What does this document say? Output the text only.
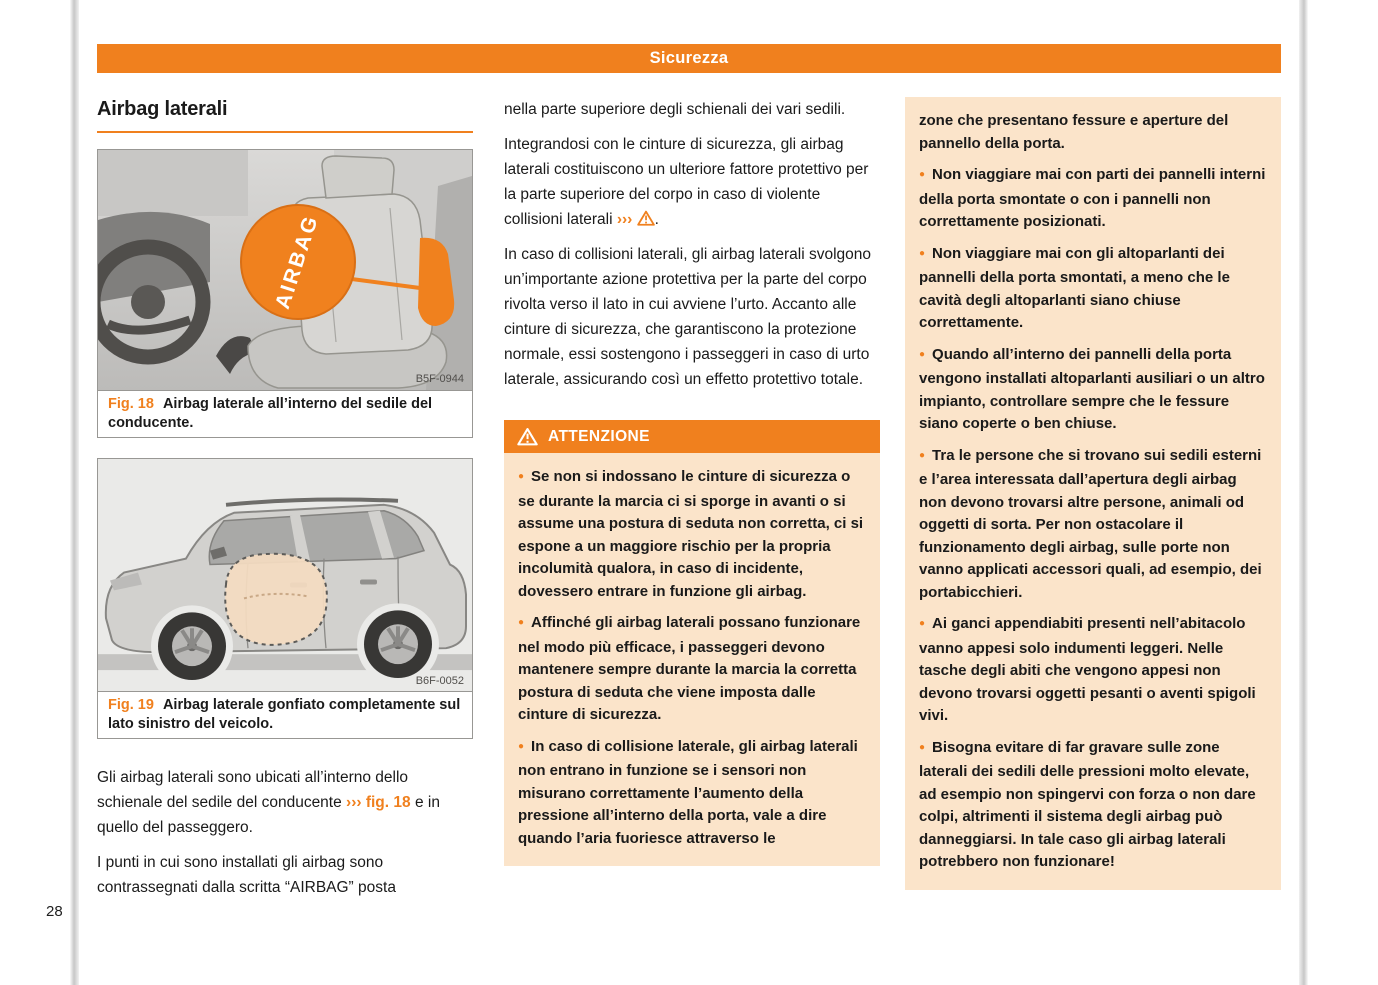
Sicurezza
Airbag laterali
AIRBAG
B5F-0944
Fig. 18 Airbag laterale all’interno del sedile del conducente.
B6F-0052
Fig. 19 Airbag laterale gonfiato completamente sul lato sinistro del veicolo.

Gli airbag laterali sono ubicati all’interno dello schienale del sedile del conducente ››› fig. 18 e in quello del passeggero.

I punti in cui sono installati gli airbag sono contrassegnati dalla scritta “AIRBAG” posta

nella parte superiore degli schienali dei vari sedili.

Integrandosi con le cinture di sicurezza, gli airbag laterali costituiscono un ulteriore fattore protettivo per la parte superiore del corpo in caso di violente collisioni laterali ››› .

In caso di collisioni laterali, gli airbag laterali svolgono un’importante azione protettiva per la parte del corpo rivolta verso il lato in cui avviene l’urto. Accanto alle cinture di sicurezza, che garantiscono la protezione normale, essi sostengono i passeggeri in caso di urto laterale, assicurando così un effetto protettivo totale.

ATTENZIONE

● Se non si indossano le cinture di sicurezza o se durante la marcia ci si sporge in avanti o si assume una postura di seduta non corretta, ci si espone a un maggiore rischio per la propria incolumità qualora, in caso di incidente, dovessero entrare in funzione gli airbag.

● Affinché gli airbag laterali possano funzionare nel modo più efficace, i passeggeri devono mantenere sempre durante la marcia la corretta postura di seduta che viene imposta dalle cinture di sicurezza.

● In caso di collisione laterale, gli airbag laterali non entrano in funzione se i sensori non misurano correttamente l’aumento della pressione all’interno della porta, vale a dire quando l’aria fuoriesce attraverso le

zone che presentano fessure e aperture del pannello della porta.

● Non viaggiare mai con parti dei pannelli interni della porta smontate o con i pannelli non correttamente posizionati.

● Non viaggiare mai con gli altoparlanti dei pannelli della porta smontati, a meno che le cavità degli altoparlanti siano chiuse correttamente.

● Quando all’interno dei pannelli della porta vengono installati altoparlanti ausiliari o un altro impianto, controllare sempre che le fessure siano coperte o ben chiuse.

● Tra le persone che si trovano sui sedili esterni e l’area interessata dall’apertura degli airbag non devono trovarsi altre persone, animali od oggetti di sorta. Per non ostacolare il funzionamento degli airbag, sulle porte non vanno applicati accessori quali, ad esempio, dei portabicchieri.

● Ai ganci appendiabiti presenti nell’abitacolo vanno appesi solo indumenti leggeri. Nelle tasche degli abiti che vengono appesi non devono trovarsi oggetti pesanti o aventi spigoli vivi.

● Bisogna evitare di far gravare sulle zone laterali dei sedili delle pressioni molto elevate, ad esempio non spingervi con forza o non dare colpi, altrimenti il sistema degli airbag può danneggiarsi. In tale caso gli airbag laterali potrebbero non funzionare!

28
